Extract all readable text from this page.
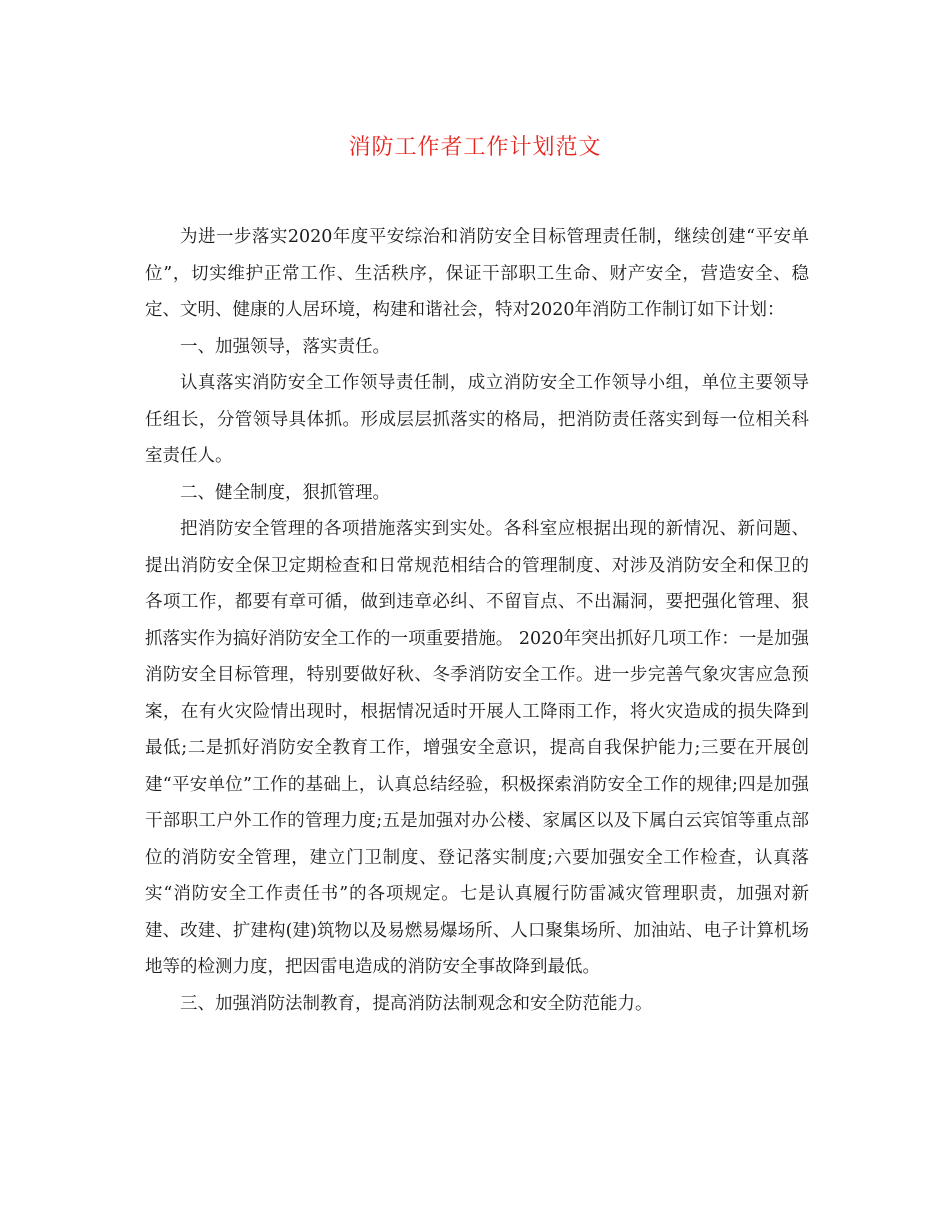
消防工作者工作计划范文

为进一步落实2020年度平安综治和消防安全目标管理责任制，继续创建“平安单位”，切实维护正常工作、生活秩序，保证干部职工生命、财产安全，营造安全、稳定、文明、健康的人居环境，构建和谐社会，特对2020年消防工作制订如下计划：

一、加强领导，落实责任。

认真落实消防安全工作领导责任制，成立消防安全工作领导小组，单位主要领导任组长，分管领导具体抓。形成层层抓落实的格局，把消防责任落实到每一位相关科室责任人。

二、健全制度，狠抓管理。

把消防安全管理的各项措施落实到实处。各科室应根据出现的新情况、新问题、提出消防安全保卫定期检查和日常规范相结合的管理制度、对涉及消防安全和保卫的各项工作，都要有章可循，做到违章必纠、不留盲点、不出漏洞，要把强化管理、狠抓落实作为搞好消防安全工作的一项重要措施。 2020年突出抓好几项工作：一是加强消防安全目标管理，特别要做好秋、冬季消防安全工作。进一步完善气象灾害应急预案，在有火灾险情出现时，根据情况适时开展人工降雨工作，将火灾造成的损失降到最低;二是抓好消防安全教育工作，增强安全意识，提高自我保护能力;三要在开展创建“平安单位”工作的基础上，认真总结经验，积极探索消防安全工作的规律;四是加强干部职工户外工作的管理力度;五是加强对办公楼、家属区以及下属白云宾馆等重点部位的消防安全管理，建立门卫制度、登记落实制度;六要加强安全工作检查，认真落实“消防安全工作责任书”的各项规定。七是认真履行防雷减灾管理职责，加强对新建、改建、扩建构(建)筑物以及易燃易爆场所、人口聚集场所、加油站、电子计算机场地等的检测力度，把因雷电造成的消防安全事故降到最低。

三、加强消防法制教育，提高消防法制观念和安全防范能力。
